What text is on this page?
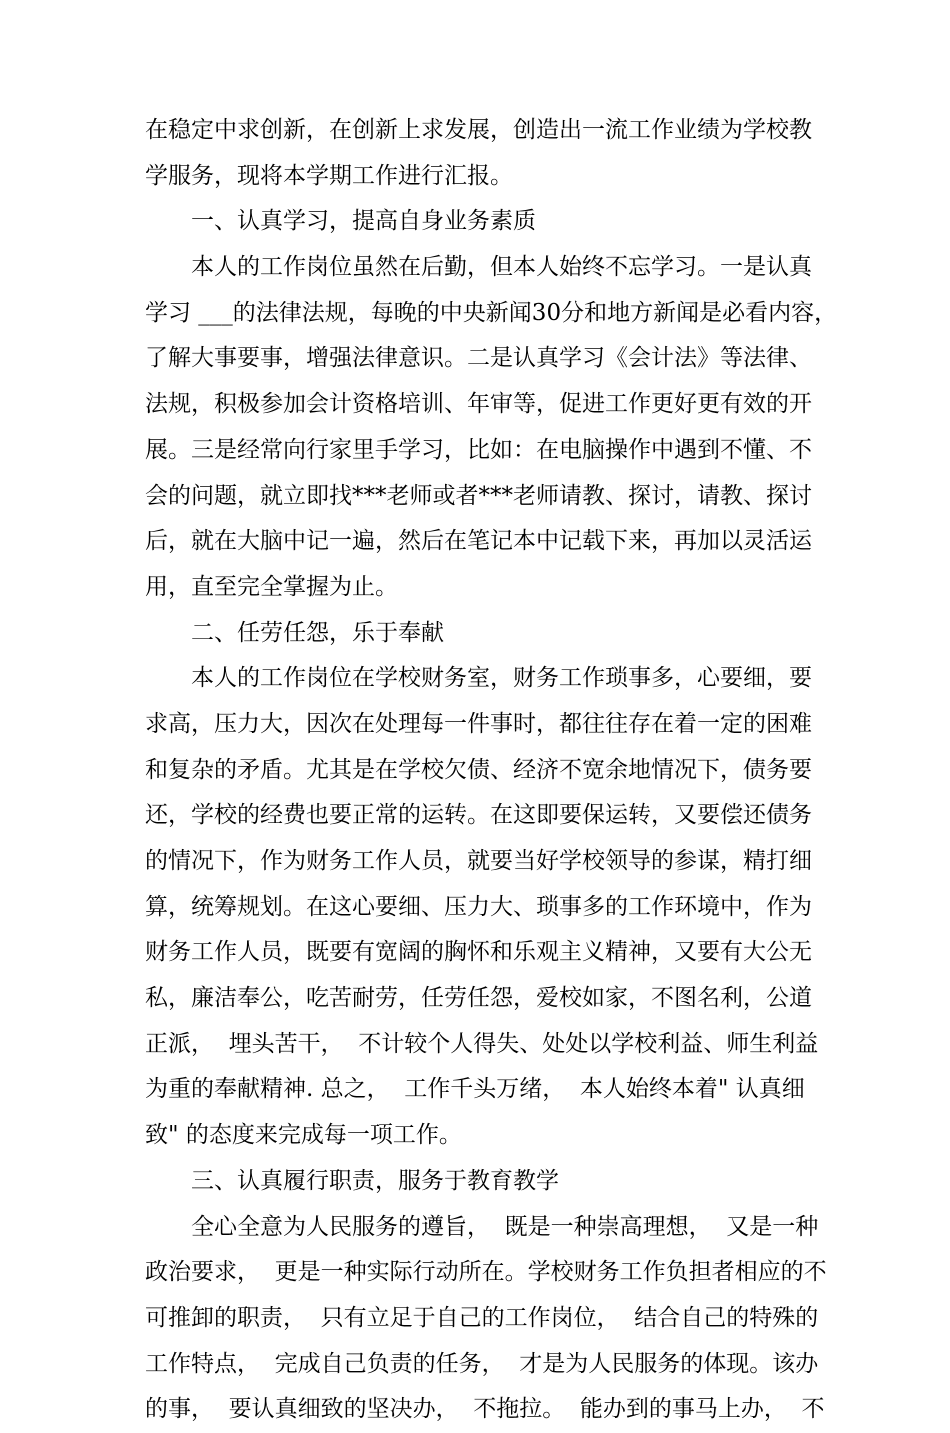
在稳定中求创新，在创新上求发展，创造出一流工作业绩为学校教
学服务，现将本学期工作进行汇报。
一、认真学习，提高自身业务素质
本人的工作岗位虽然在后勤，但本人始终不忘学习。一是认真
学习 ___的法律法规，每晚的中央新闻30分和地方新闻是必看内容，
了解大事要事，增强法律意识。二是认真学习《会计法》等法律、
法规，积极参加会计资格培训、年审等，促进工作更好更有效的开
展。三是经常向行家里手学习，比如：在电脑操作中遇到不懂、不
会的问题，就立即找***老师或者***老师请教、探讨，请教、探讨
后，就在大脑中记一遍，然后在笔记本中记载下来，再加以灵活运
用，直至完全掌握为止。
二、任劳任怨，乐于奉献
本人的工作岗位在学校财务室，财务工作琐事多，心要细，要
求高，压力大，因次在处理每一件事时，都往往存在着一定的困难
和复杂的矛盾。尤其是在学校欠债、经济不宽余地情况下，债务要
还，学校的经费也要正常的运转。在这即要保运转，又要偿还债务
的情况下，作为财务工作人员，就要当好学校领导的参谋，精打细
算，统筹规划。在这心要细、压力大、琐事多的工作环境中，作为
财务工作人员，既要有宽阔的胸怀和乐观主义精神，又要有大公无
私，廉洁奉公，吃苦耐劳，任劳任怨，爱校如家，不图名利，公道
正派，  埋头苦干，  不计较个人得失、处处以学校利益、师生利益
为重的奉献精神. 总之，  工作千头万绪，  本人始终本着" 认真细
致" 的态度来完成每一项工作。
三、认真履行职责，服务于教育教学
全心全意为人民服务的遵旨，  既是一种崇高理想，  又是一种
政治要求，  更是一种实际行动所在。学校财务工作负担者相应的不
可推卸的职责，  只有立足于自己的工作岗位，  结合自己的特殊的
工作特点，  完成自己负责的任务，  才是为人民服务的体现。该办
的事，  要认真细致的坚决办，  不拖拉。  能办到的事马上办，  不
